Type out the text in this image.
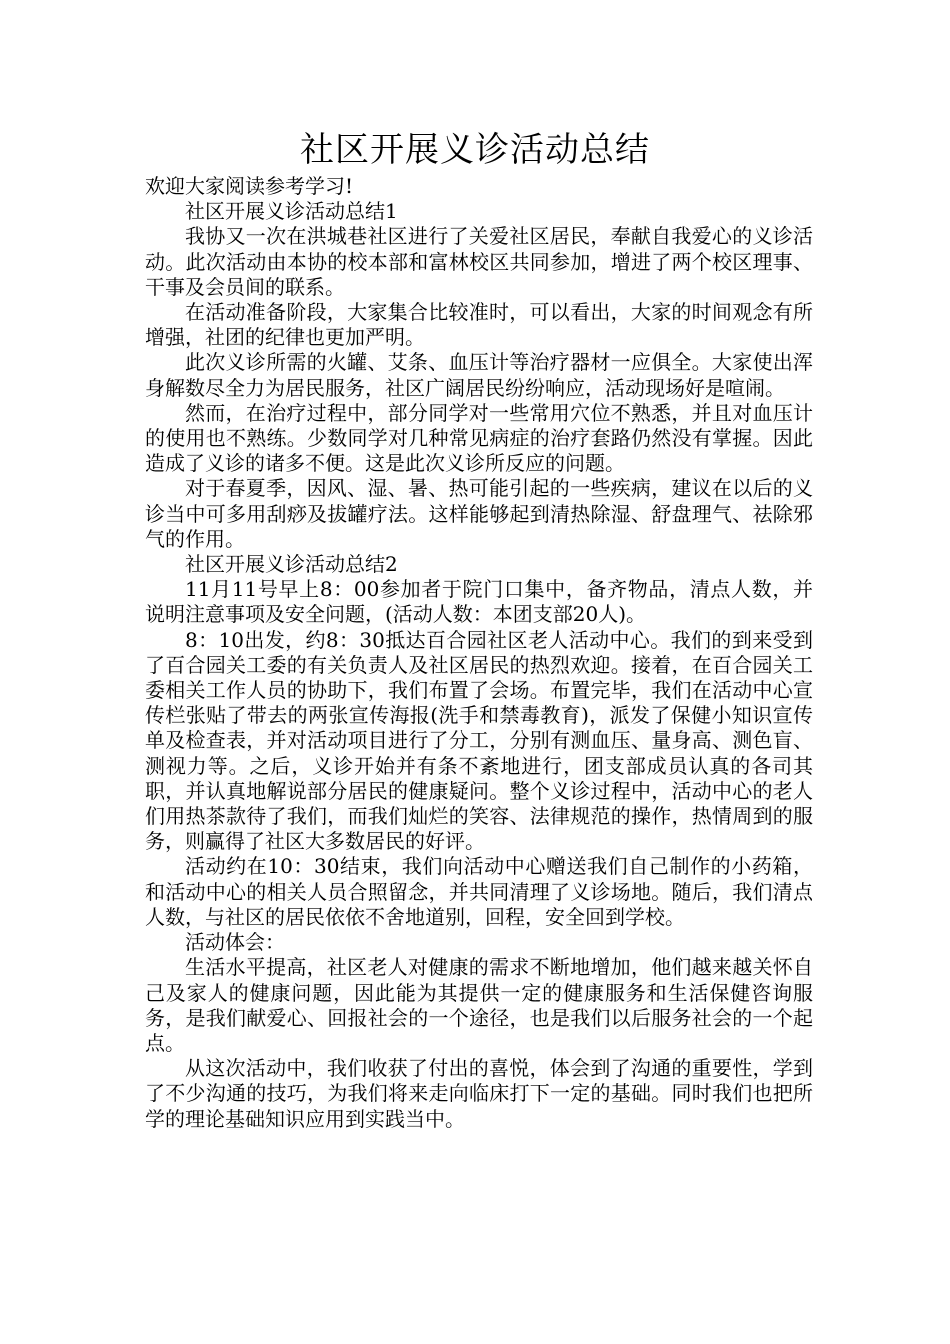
社区开展义诊活动总结

欢迎大家阅读参考学习!

社区开展义诊活动总结1

我协又一次在洪城巷社区进行了关爱社区居民，奉献自我爱心的义诊活动。此次活动由本协的校本部和富林校区共同参加，增进了两个校区理事、干事及会员间的联系。

在活动准备阶段，大家集合比较准时，可以看出，大家的时间观念有所增强，社团的纪律也更加严明。

此次义诊所需的火罐、艾条、血压计等治疗器材一应俱全。大家使出浑身解数尽全力为居民服务，社区广阔居民纷纷响应，活动现场好是喧闹。

然而，在治疗过程中，部分同学对一些常用穴位不熟悉，并且对血压计的使用也不熟练。少数同学对几种常见病症的治疗套路仍然没有掌握。因此造成了义诊的诸多不便。这是此次义诊所反应的问题。

对于春夏季，因风、湿、暑、热可能引起的一些疾病，建议在以后的义诊当中可多用刮痧及拔罐疗法。这样能够起到清热除湿、舒盘理气、祛除邪气的作用。

社区开展义诊活动总结2

11月11号早上8：00参加者于院门口集中，备齐物品，清点人数，并说明注意事项及安全问题，(活动人数：本团支部20人)。

8：10出发，约8：30抵达百合园社区老人活动中心。我们的到来受到了百合园关工委的有关负责人及社区居民的热烈欢迎。接着，在百合园关工委相关工作人员的协助下，我们布置了会场。布置完毕，我们在活动中心宣传栏张贴了带去的两张宣传海报(洗手和禁毒教育)，派发了保健小知识宣传单及检查表，并对活动项目进行了分工，分别有测血压、量身高、测色盲、测视力等。之后，义诊开始并有条不紊地进行，团支部成员认真的各司其职，并认真地解说部分居民的健康疑问。整个义诊过程中，活动中心的老人们用热茶款待了我们，而我们灿烂的笑容、法律规范的操作，热情周到的服务，则赢得了社区大多数居民的好评。

活动约在10：30结束，我们向活动中心赠送我们自己制作的小药箱，和活动中心的相关人员合照留念，并共同清理了义诊场地。随后，我们清点人数，与社区的居民依依不舍地道别，回程，安全回到学校。

活动体会：

生活水平提高，社区老人对健康的需求不断地增加，他们越来越关怀自己及家人的健康问题，因此能为其提供一定的健康服务和生活保健咨询服务，是我们献爱心、回报社会的一个途径，也是我们以后服务社会的一个起点。

从这次活动中，我们收获了付出的喜悦，体会到了沟通的重要性，学到了不少沟通的技巧，为我们将来走向临床打下一定的基础。同时我们也把所学的理论基础知识应用到实践当中。
